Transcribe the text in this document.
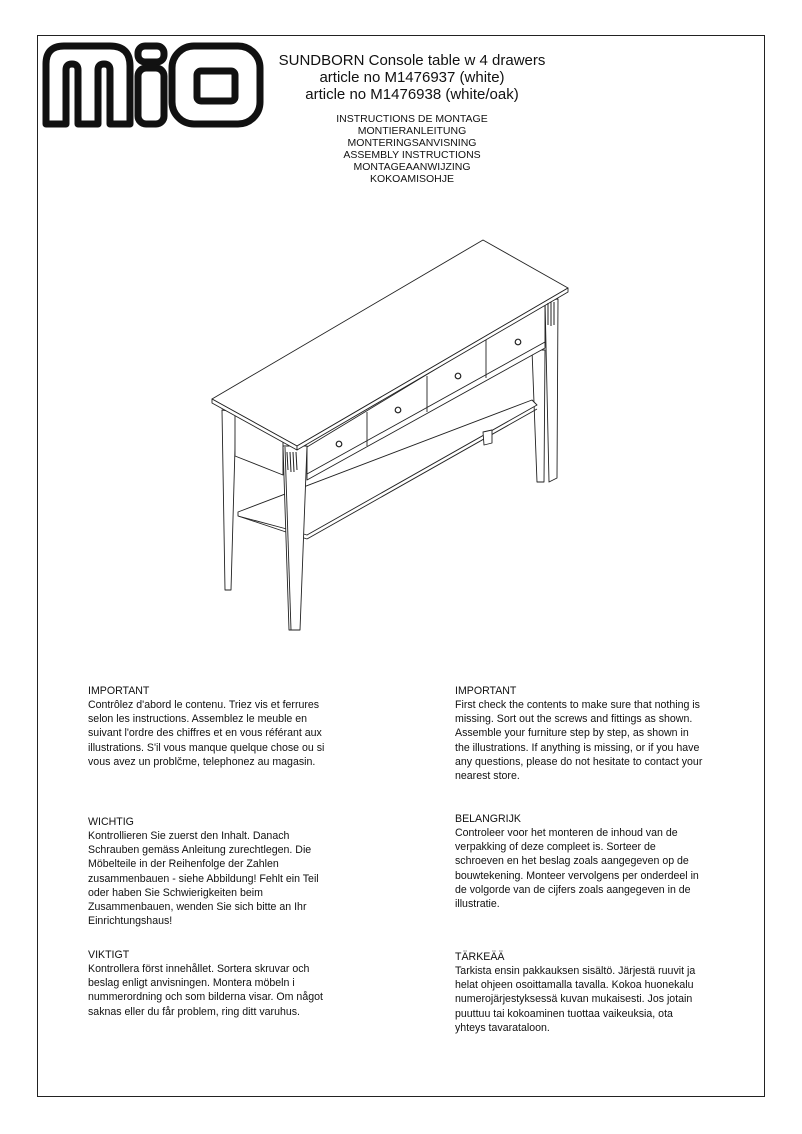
SUNDBORN Console table w 4 drawers
article no M1476937 (white)
article no M1476938 (white/oak)
INSTRUCTIONS DE MONTAGE
MONTIERANLEITUNG
MONTERINGSANVISNING
ASSEMBLY INSTRUCTIONS
MONTAGEAANWIJZING
KOKOAMISOHJE
IMPORTANT

Contrôlez d'abord le contenu. Triez vis et ferrures
selon les instructions. Assemblez le meuble en
suivant l'ordre des chiffres et en vous référant aux
illustrations. S'il vous manque quelque chose ou si
vous avez un problčme, telephonez au magasin.

WICHTIG

Kontrollieren Sie zuerst den Inhalt. Danach
Schrauben gemäss Anleitung zurechtlegen. Die
Möbelteile in der Reihenfolge der Zahlen
zusammenbauen - siehe Abbildung! Fehlt ein Teil
oder haben Sie Schwierigkeiten beim
Zusammenbauen, wenden Sie sich bitte an Ihr
Einrichtungshaus!

VIKTIGT

Kontrollera först innehållet. Sortera skruvar och
beslag enligt anvisningen. Montera möbeln i
nummerordning och som bilderna visar. Om något
saknas eller du får problem, ring ditt varuhus.

IMPORTANT

First check the contents to make sure that nothing is
missing. Sort out the screws and fittings as shown.
Assemble your furniture step by step, as shown in
the illustrations. If anything is missing, or if you have
any questions, please do not hesitate to contact your
nearest store.

BELANGRIJK

Controleer voor het monteren de inhoud van de
verpakking of deze compleet is. Sorteer de
schroeven en het beslag zoals aangegeven op de
bouwtekening. Monteer vervolgens per onderdeel in
de volgorde van de cijfers zoals aangegeven in de
illustratie.

TÄRKEÄÄ

Tarkista ensin pakkauksen sisältö. Järjestä ruuvit ja
helat ohjeen osoittamalla tavalla. Kokoa huonekalu
numerojärjestyksessä kuvan mukaisesti. Jos jotain
puuttuu tai kokoaminen tuottaa vaikeuksia, ota
yhteys tavarataloon.
